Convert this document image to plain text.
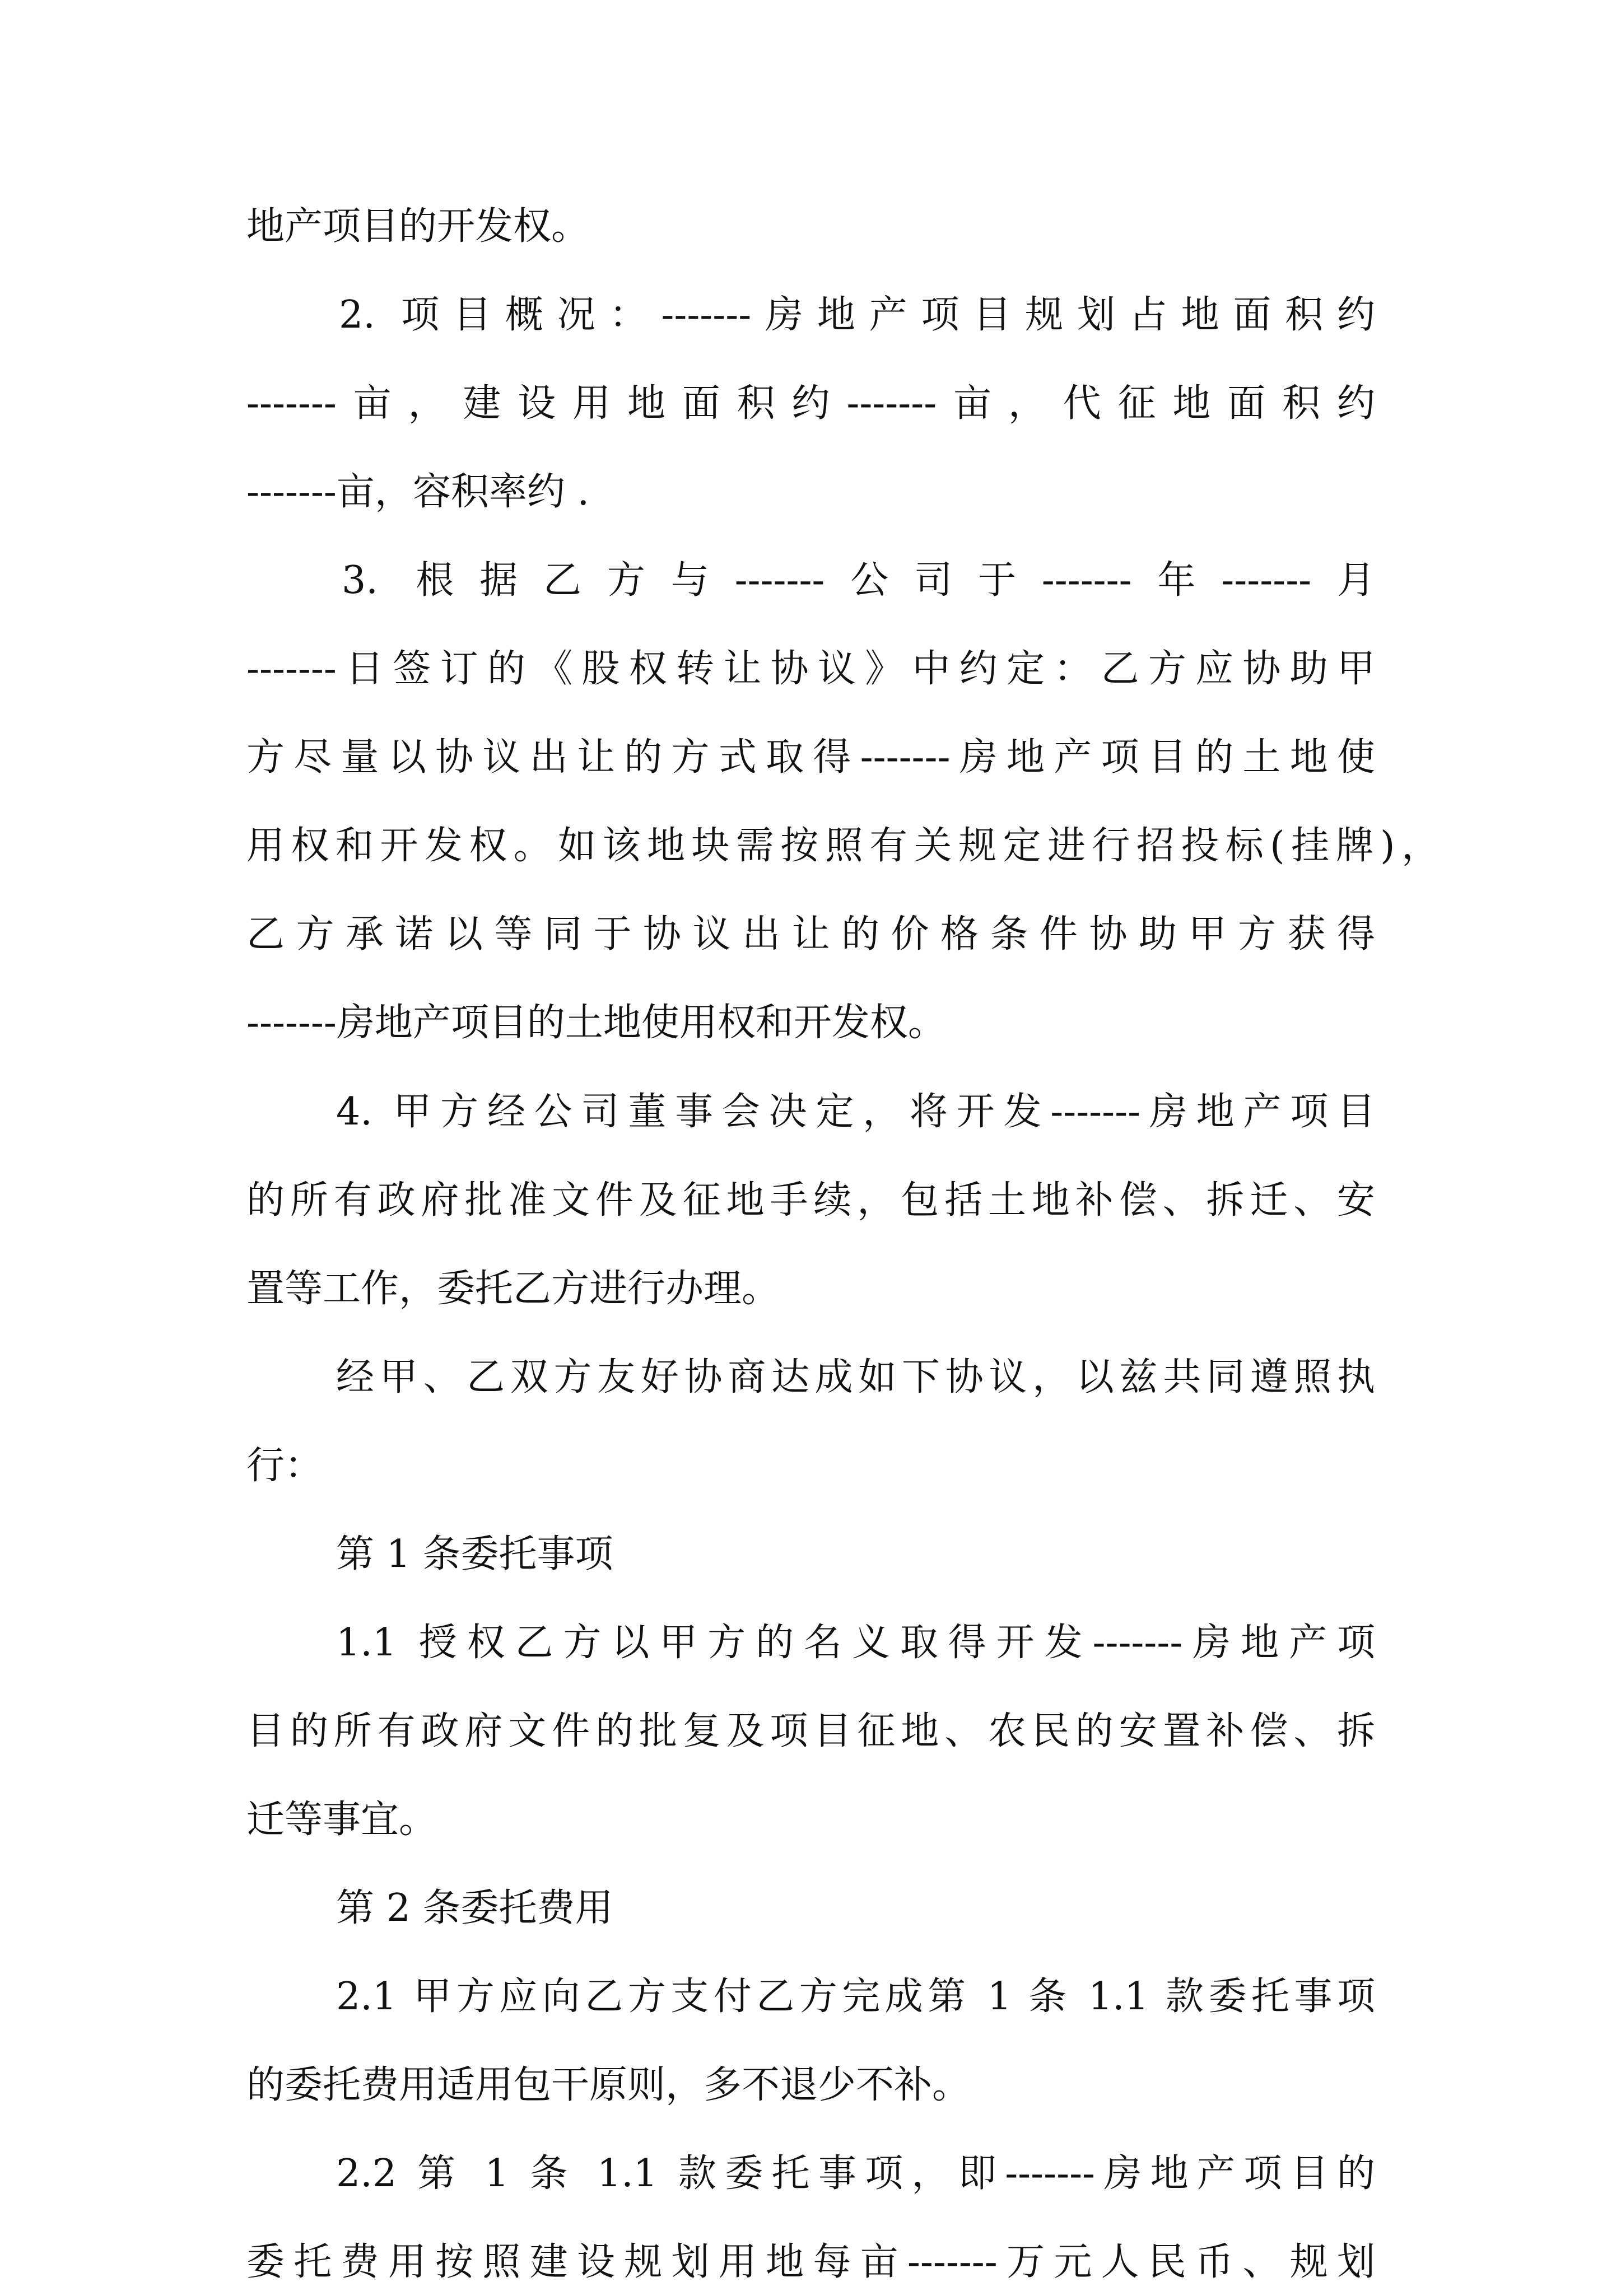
地产项目的开发权。
2. 项目概况：-------房地产项目规划占地面积约
-------亩，建设用地面积约-------亩，代征地面积约
-------亩，容积率约 .
3. 根据乙方与-------公司于-------年-------月
-------日签订的《股权转让协议》中约定：乙方应协助甲
方尽量以协议出让的方式取得-------房地产项目的土地使
用权和开发权。如该地块需按照有关规定进行招投标(挂牌)，
乙方承诺以等同于协议出让的价格条件协助甲方获得
-------房地产项目的土地使用权和开发权。
4. 甲方经公司董事会决定，将开发-------房地产项目
的所有政府批准文件及征地手续，包括土地补偿、拆迁、安
置等工作，委托乙方进行办理。
经甲、乙双方友好协商达成如下协议，以兹共同遵照执
行：
第 1 条委托事项
1.1 授权乙方以甲方的名义取得开发-------房地产项
目的所有政府文件的批复及项目征地、农民的安置补偿、拆
迁等事宜。
第 2 条委托费用
2.1 甲方应向乙方支付乙方完成第 1 条 1.1 款委托事项
的委托费用适用包干原则，多不退少不补。
2.2 第 1 条 1.1 款委托事项，即-------房地产项目的
委托费用按照建设规划用地每亩-------万元人民币、规划
